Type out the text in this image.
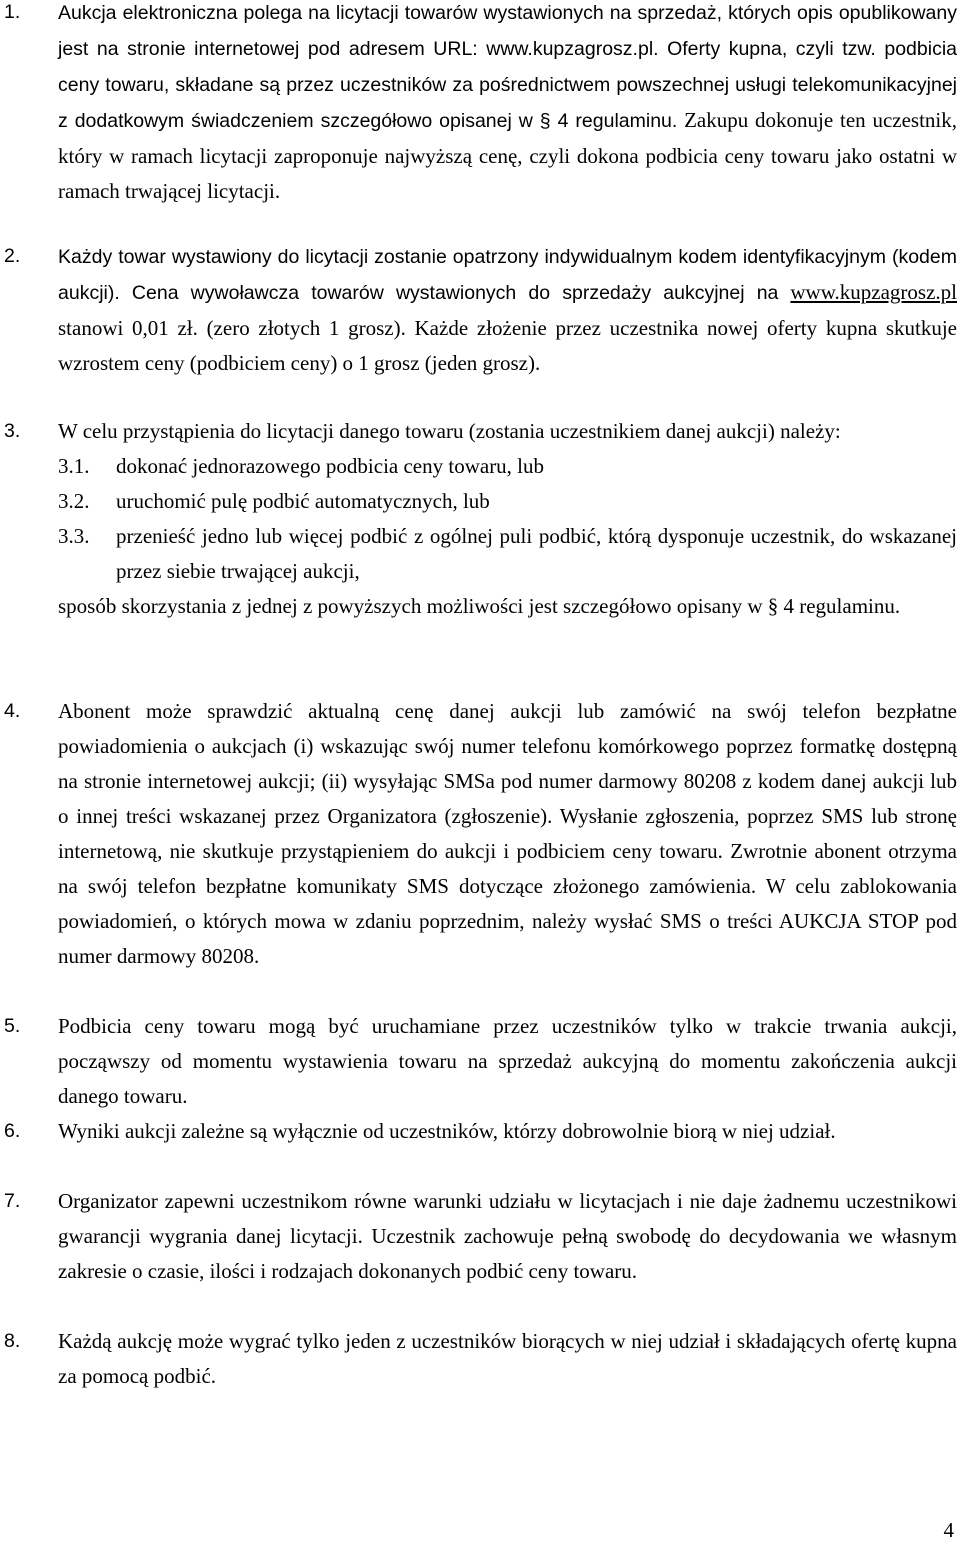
1. Aukcja elektroniczna polega na licytacji towarów wystawionych na sprzedaż, których opis opublikowany jest na stronie internetowej pod adresem URL: www.kupzagrosz.pl. Oferty kupna, czyli tzw. podbicia ceny towaru, składane są przez uczestników za pośrednictwem powszechnej usługi telekomunikacyjnej z dodatkowym świadczeniem szczegółowo opisanej w § 4 regulaminu. Zakupu dokonuje ten uczestnik, który w ramach licytacji zaproponuje najwyższą cenę, czyli dokona podbicia ceny towaru jako ostatni w ramach trwającej licytacji.
2. Każdy towar wystawiony do licytacji zostanie opatrzony indywidualnym kodem identyfikacyjnym (kodem aukcji). Cena wywoławcza towarów wystawionych do sprzedaży aukcyjnej na www.kupzagrosz.pl stanowi 0,01 zł. (zero złotych 1 grosz). Każde złożenie przez uczestnika nowej oferty kupna skutkuje wzrostem ceny (podbiciem ceny) o 1 grosz (jeden grosz).
3. W celu przystąpienia do licytacji danego towaru (zostania uczestnikiem danej aukcji) należy:
3.1. dokonać jednorazowego podbicia ceny towaru, lub
3.2. uruchomić pulę podbić automatycznych, lub
3.3. przenieść jedno lub więcej podbić z ogólnej puli podbić, którą dysponuje uczestnik, do wskazanej przez siebie trwającej aukcji,
sposób skorzystania z jednej z powyższych możliwości jest szczegółowo opisany w § 4 regulaminu.
4. Abonent może sprawdzić aktualną cenę danej aukcji lub zamówić na swój telefon bezpłatne powiadomienia o aukcjach (i) wskazując swój numer telefonu komórkowego poprzez formatkę dostępną na stronie internetowej aukcji; (ii) wysyłając SMSa pod numer darmowy 80208 z kodem danej aukcji lub o innej treści wskazanej przez Organizatora (zgłoszenie). Wysłanie zgłoszenia, poprzez SMS lub stronę internetową, nie skutkuje przystąpieniem do aukcji i podbiciem ceny towaru. Zwrotnie abonent otrzyma na swój telefon bezpłatne komunikaty SMS dotyczące złożonego zamówienia. W celu zablokowania powiadomień, o których mowa w zdaniu poprzednim, należy wysłać SMS o treści AUKCJA STOP pod numer darmowy 80208.
5. Podbicia ceny towaru mogą być uruchamiane przez uczestników tylko w trakcie trwania aukcji, począwszy od momentu wystawienia towaru na sprzedaż aukcyjną do momentu zakończenia aukcji danego towaru.
6. Wyniki aukcji zależne są wyłącznie od uczestników, którzy dobrowolnie biorą w niej udział.
7. Organizator zapewni uczestnikom równe warunki udziału w licytacjach i nie daje żadnemu uczestnikowi gwarancji wygrania danej licytacji. Uczestnik zachowuje pełną swobodę do decydowania we własnym zakresie o czasie, ilości i rodzajach dokonanych podbić ceny towaru.
8. Każdą aukcję może wygrać tylko jeden z uczestników biorących w niej udział i składających ofertę kupna za pomocą podbić.
4
